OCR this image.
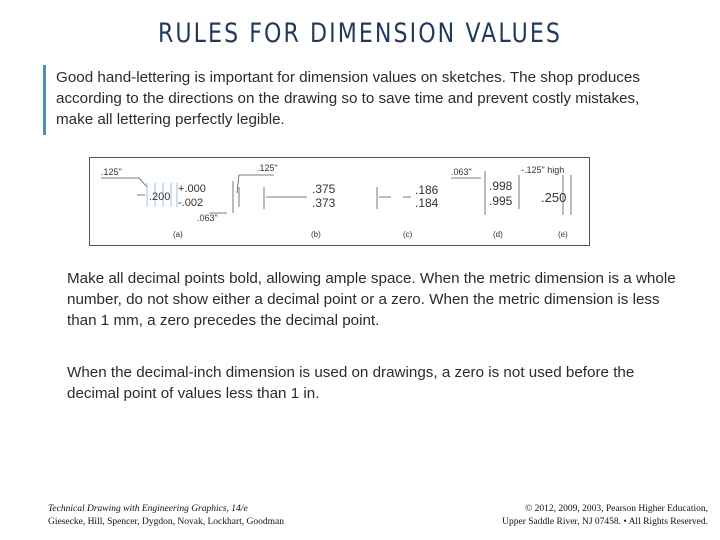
RULES FOR DIMENSION VALUES
Good hand-lettering is important for dimension values on sketches. The shop produces according to the directions on the drawing so to save time and prevent costly mistakes, make all lettering perfectly legible.
.125"
.200
+.000
-.002
.125"
.063"
(a)
.375
.373
(b)
.186
.184
(c)
.063"
.998
.995
-.125" high
(d)
.250
(e)
Make all decimal points bold, allowing ample space. When the metric dimension is a whole number, do not show either a decimal point or a zero. When the metric dimension is less than 1 mm, a zero precedes the decimal point.
When the decimal-inch dimension is used on drawings, a zero is not used before the decimal point of values less than 1 in.
Technical Drawing with Engineering Graphics, 14/e
Giesecke, Hill, Spencer, Dygdon, Novak, Lockhart, Goodman
© 2012, 2009, 2003, Pearson Higher Education,
Upper Saddle River, NJ 07458. • All Rights Reserved.
